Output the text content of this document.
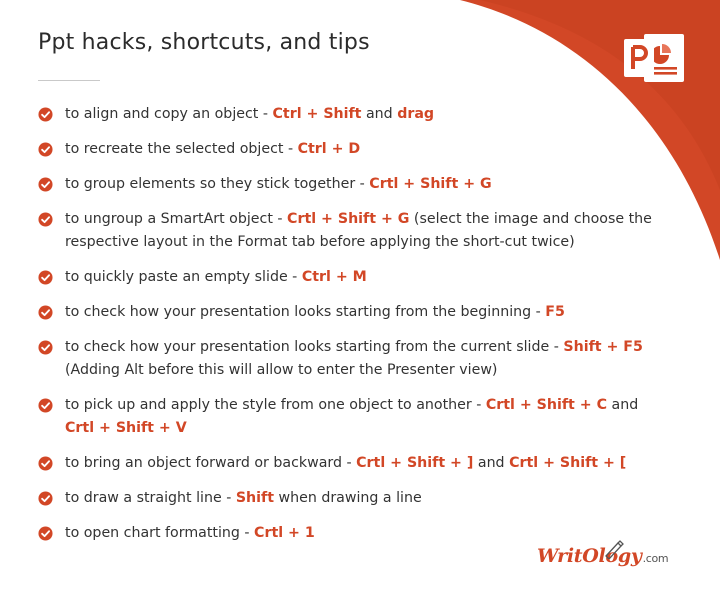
Ppt hacks, shortcuts, and tips
to align and copy an object - Ctrl + Shift and drag
to recreate the selected object - Ctrl + D
to group elements so they stick together - Crtl + Shift + G
to ungroup a SmartArt object - Crtl + Shift + G (select the image and choose the respective layout in the Format tab before applying the short-cut twice)
to quickly paste an empty slide - Ctrl + M
to check how your presentation looks starting from the beginning - F5
to check how your presentation looks starting from the current slide - Shift + F5 (Adding Alt before this will allow to enter the Presenter view)
to pick up and apply the style from one object to another - Crtl + Shift + C and Crtl + Shift + V
to bring an object forward or backward - Crtl + Shift + ] and Crtl + Shift + [
to draw a straight line - Shift when drawing a line
to open chart formatting - Crtl + 1
WritOlogy.com
